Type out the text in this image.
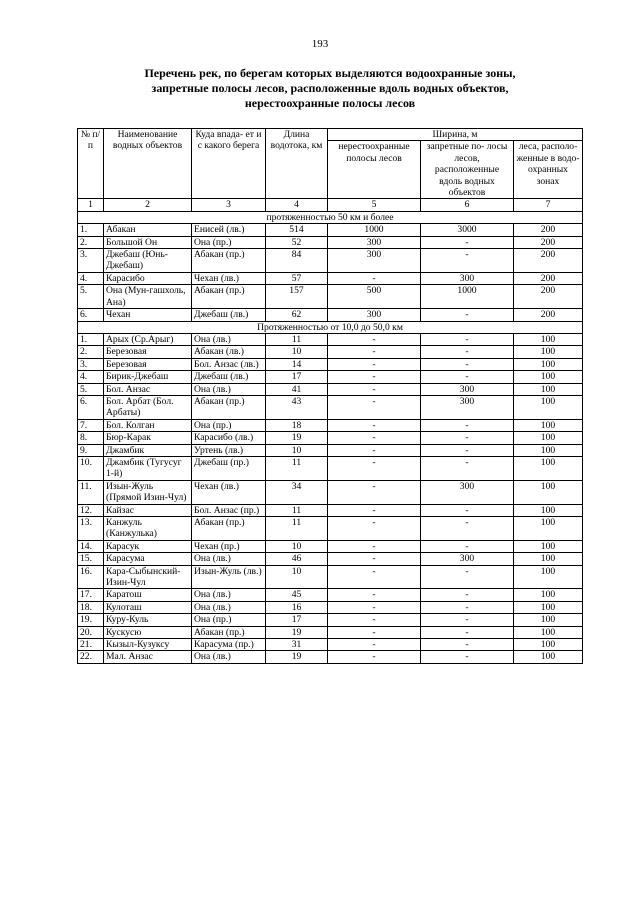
193
Перечень рек, по берегам которых выделяются водоохранные зоны,
запретные полосы лесов, расположенные вдоль водных объектов,
нерестоохранные полосы лесов
№ п/п	Наименование водных объектов	Куда впада- ет и с какого берега	Длина водотока, км	Ширина, м		
				нерестоохранные полосы лесов	запретные по- лосы лесов, расположенные вдоль водных объектов	леса, располо- женные в водо- охранных зонах
1	2	3	4	5	6	7
протяженностью 50 км и более						
1.	Абакан	Енисей (лв.)	514	1000	3000	200
2.	Большой Он	Она (пр.)	52	300	-	200
3.	Джебаш (Юнь-Джебаш)	Абакан (пр.)	84	300	-	200
4.	Карасибо	Чехан (лв.)	57	-	300	200
5.	Она (Мун-гашхоль, Ана)	Абакан (пр.)	157	500	1000	200
6.	Чехан	Джебаш (лв.)	62	300	-	200
Протяженностью от 10,0 до 50,0 км						
1.	Арых (Ср.Арыг)	Она (лв.)	11	-	-	100
2.	Березовая	Абакан (лв.)	10	-	-	100
3.	Березовая	Бол. Анзас (лв.)	14	-	-	100
4.	Бирик-Джебаш	Джебаш (лв.)	17	-	-	100
5.	Бол. Анзас	Она (лв.)	41	-	300	100
6.	Бол. Арбат (Бол. Арбаты)	Абакан (пр.)	43	-	300	100
7.	Бол. Колган	Она (пр.)	18	-	-	100
8.	Бюр-Карак	Карасибо (лв.)	19	-	-	100
9.	Джамбик	Уртень (лв.)	10	-	-	100
10.	Джамбик (Тугусуг 1-й)	Джебаш (пр.)	11	-	-	100
11.	Изын-Жуль (Прямой Изин-Чул)	Чехан (лв.)	34	-	300	100
12.	Кайзас	Бол. Анзас (пр.)	11	-	-	100
13.	Канжуль (Канжулька)	Абакан (пр.)	11	-	-	100
14.	Карасук	Чехан (пр.)	10	-	-	100
15.	Карасума	Она (лв.)	46	-	300	100
16.	Кара-Сыбынский-Изин-Чул	Изын-Жуль (лв.)	10	-	-	100
17.	Каратош	Она (лв.)	45	-	-	100
18.	Кулоташ	Она (лв.)	16	-	-	100
19.	Куру-Куль	Она (пр.)	17	-	-	100
20.	Кускусю	Абакан (пр.)	19	-	-	100
21.	Кызыл-Кузуксу	Карасума (пр.)	31	-	-	100
22.	Мал. Анзас	Она (лв.)	19	-	-	100
